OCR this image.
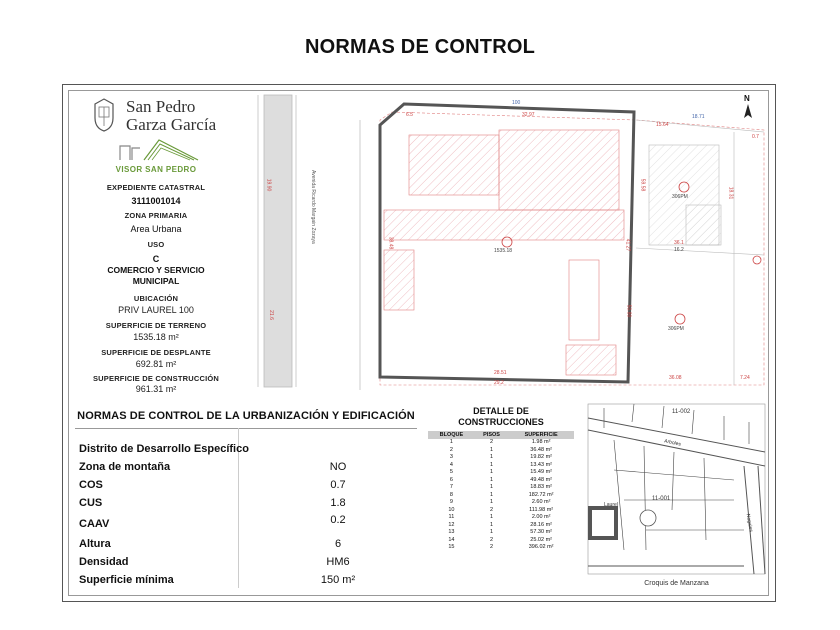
NORMAS DE CONTROL
San Pedro
Garza García
VISOR SAN PEDRO
EXPEDIENTE CATASTRAL
3111001014
ZONA PRIMARIA
Area Urbana
USO
C
COMERCIO Y SERVICIO
MUNICIPAL
UBICACIÓN
PRIV LAUREL 100
SUPERFICIE DE TERRENO
1535.18 m²
SUPERFICIE DE DESPLANTE
692.81 m²
SUPERFICIE DE CONSTRUCCIÓN
961.31 m²
Avenida Ricardo Margain Zozaya
N
1535.18
306PM
306PM
100
32.97
15.64
36.1
16.2
28.51
29.2
36.08	7.24
6.5
0.7
18.71
38.48
59.58
41.27
50.80
21.6
19.90
18.31
NORMAS DE CONTROL DE LA URBANIZACIÓN Y EDIFICACIÓN
Distrito de Desarrollo Específico
Zona de montaña	NO
COS	0.7
CUS	1.8
CAAV	0.2
Altura	6
Densidad	HM6
Superficie mínima	150 m²
DETALLE DE
CONSTRUCCIONES
BLOQUE	PISOS	SUPERFICIE
1	2	1.98 m²
2	1	36.48 m²
3	1	19.82 m²
4	1	13.43 m²
5	1	15.49 m²
6	1	49.48 m²
7	1	18.83 m²
8	1	182.72 m²
9	1	2.60 m²
10	2	111.98 m²
11	1	2.00 m²
12	1	28.16 m²
13	1	57.30 m²
14	2	25.02 m²
15	2	396.02 m²
11-002
11-001
Arboles
Laurel
Nogales
Croquis de Manzana
